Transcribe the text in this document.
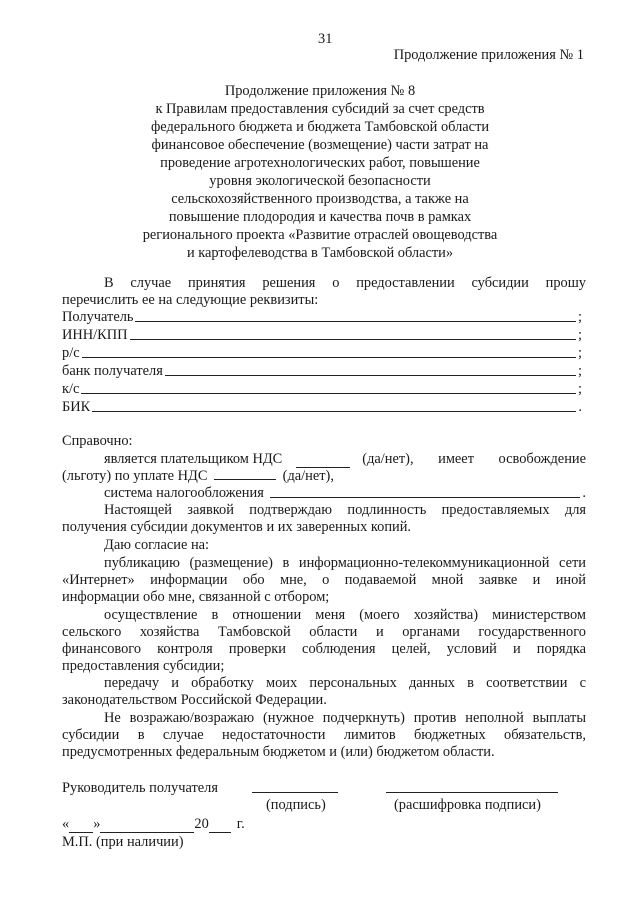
31
Продолжение приложения № 1
Продолжение приложения № 8
к Правилам предоставления субсидий за счет средств
федерального бюджета и бюджета Тамбовской области
финансовое обеспечение (возмещение) части затрат на
проведение агротехнологических работ, повышение
уровня экологической безопасности
сельскохозяйственного производства, а также на
повышение плодородия и качества почв в рамках
регионального проекта «Развитие отраслей овощеводства
и картофелеводства в Тамбовской области»
В случае принятия решения о предоставлении субсидии прошу
перечислить ее на следующие реквизиты:
Получатель	;
ИНН/КПП	;
р/с	;
банк получателя	;
к/с	;
БИК	.
Справочно:
является плательщиком НДС	(да/нет), имеет освобождение
(льготу) по уплате НДС	(да/нет),
система налогообложения	.
Настоящей заявкой подтверждаю подлинность предоставляемых для
получения субсидии документов и их заверенных копий.
Даю согласие на:
публикацию (размещение) в информационно-телекоммуникационной сети
«Интернет» информации обо мне, о подаваемой мной заявке и иной
информации обо мне, связанной с отбором;
осуществление в отношении меня (моего хозяйства) министерством
сельского хозяйства Тамбовской области и органами государственного
финансового контроля проверки соблюдения целей, условий и порядка
предоставления субсидии;
передачу и обработку моих персональных данных в соответствии с
законодательством Российской Федерации.
Не возражаю/возражаю (нужное подчеркнуть) против неполной выплаты
субсидии в случае недостаточности лимитов бюджетных обязательств,
предусмотренных федеральным бюджетом и (или) бюджетом области.
Руководитель получателя
(подпись)	(расшифровка подписи)
« »	20 г.
М.П. (при наличии)
